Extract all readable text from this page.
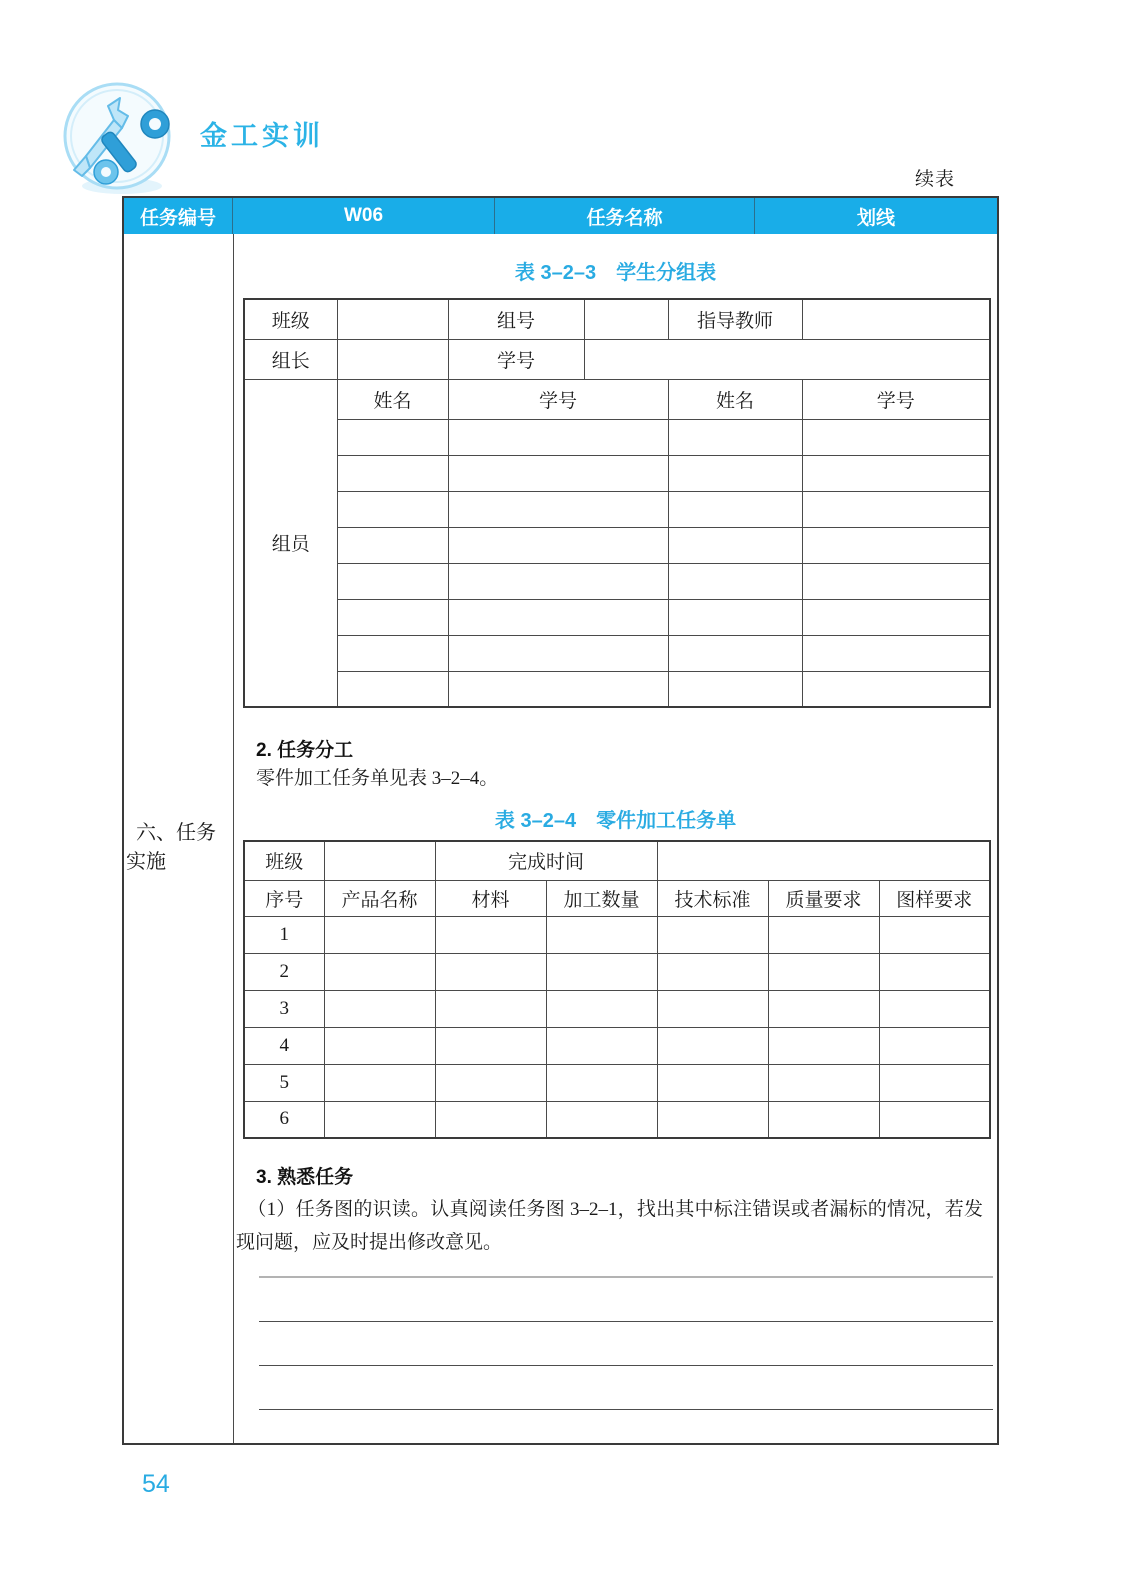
金工实训
续表
任务编号	W06	任务名称	划线
六、任务
实施
表 3–2–3　学生分组表
班级		组号		指导教师	
组长		学号			
组员	姓名	学号		姓名	学号

2. 任务分工
零件加工任务单见表 3–2–4。
表 3–2–4　零件加工任务单
班级		完成时间				
序号	产品名称	材料	加工数量	技术标准	质量要求	图样要求
1						
2						
3						
4						
5						
6						
3. 熟悉任务
（1）任务图的识读。认真阅读任务图 3–2–1，找出其中标注错误或者漏标的情况，若发现问题，应及时提出修改意见。
54
